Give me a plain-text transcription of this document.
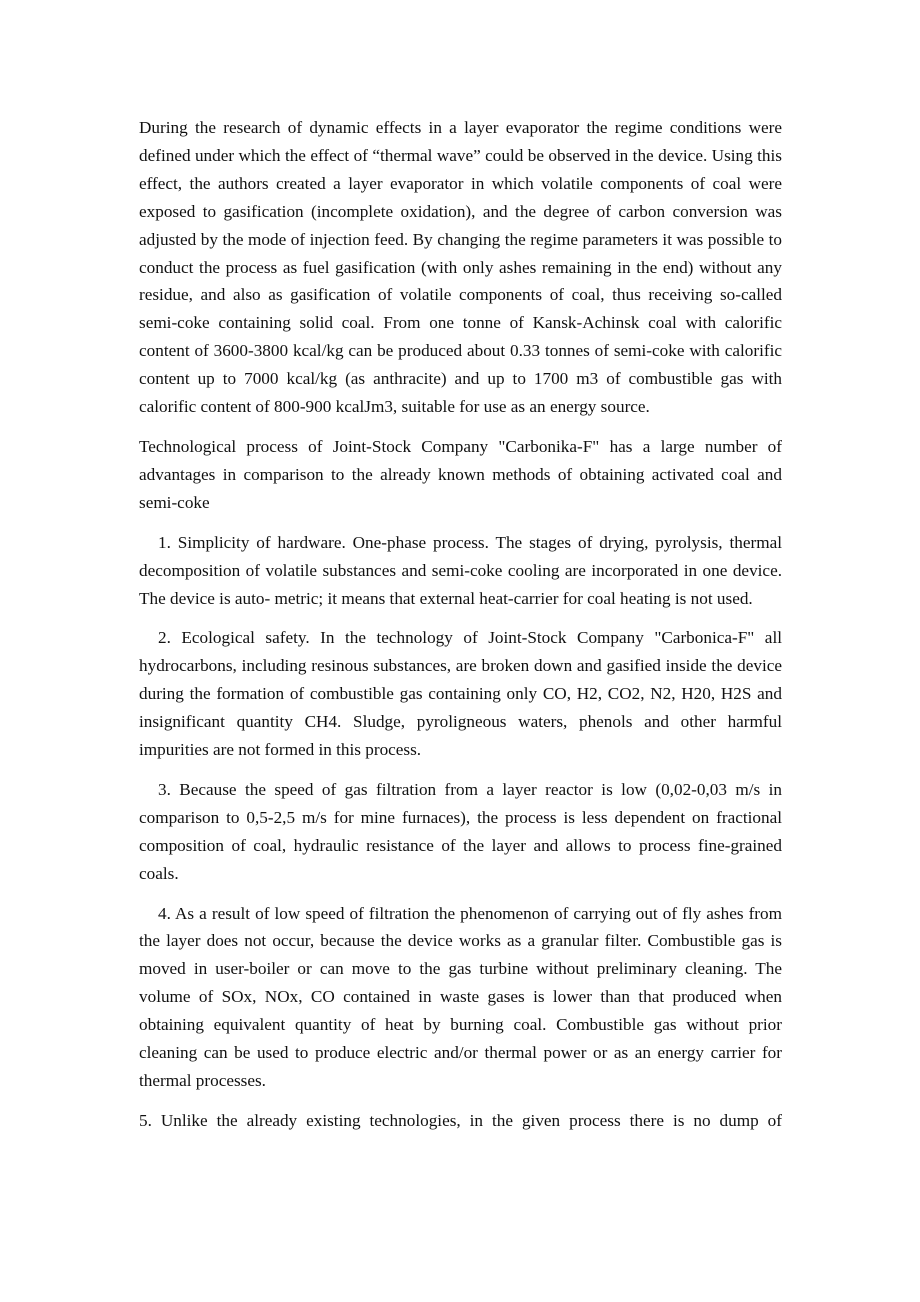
During the research of dynamic effects in a layer evaporator the regime conditions were defined under which the effect of “thermal wave” could be observed in the device. Using this effect, the authors created a layer evaporator in which volatile components of coal were exposed to gasification (incomplete oxidation), and the degree of carbon conversion was adjusted by the mode of injection feed. By changing the regime parameters it was possible to conduct the process as fuel gasification (with only ashes remaining in the end) without any residue, and also as gasification of volatile components of coal, thus receiving so-called semi-coke containing solid coal. From one tonne of Kansk-Achinsk coal with calorific content of 3600-3800 kcal/kg can be produced about 0.33 tonnes of semi-coke with calorific content up to 7000 kcal/kg (as anthracite) and up to 1700 m3 of combustible gas with calorific content of 800-900 kcalJm3, suitable for use as an energy source.

Technological process of Joint-Stock Company "Carbonika-F" has a large number of advantages in comparison to the already known methods of obtaining activated coal and semi-coke

1. Simplicity of hardware. One-phase process. The stages of drying, pyrolysis, thermal decomposition of volatile substances and semi-coke cooling are incorporated in one device. The device is auto- metric; it means that external heat-carrier for coal heating is not used.

2. Ecological safety. In the technology of Joint-Stock Company "Carbonica-F" all hydrocarbons, including resinous substances, are broken down and gasified inside the device during the formation of combustible gas containing only CO, H2, CO2, N2, H20, H2S and insignificant quantity CH4. Sludge, pyroligneous waters, phenols and other harmful impurities are not formed in this process.

3. Because the speed of gas filtration from a layer reactor is low (0,02-0,03 m/s in comparison to 0,5-2,5 m/s for mine furnaces), the process is less dependent on fractional composition of coal, hydraulic resistance of the layer and allows to process fine-grained coals.

4. As a result of low speed of filtration the phenomenon of carrying out of fly ashes from the layer does not occur, because the device works as a granular filter. Combustible gas is moved in user-boiler or can move to the gas turbine without preliminary cleaning. The volume of SOx, NOx, CO contained in waste gases is lower than that produced when obtaining equivalent quantity of heat by burning coal. Combustible gas without prior cleaning can be used to produce electric and/or thermal power or as an energy carrier for thermal processes.

5. Unlike the already existing technologies, in the given process there is no dump of
